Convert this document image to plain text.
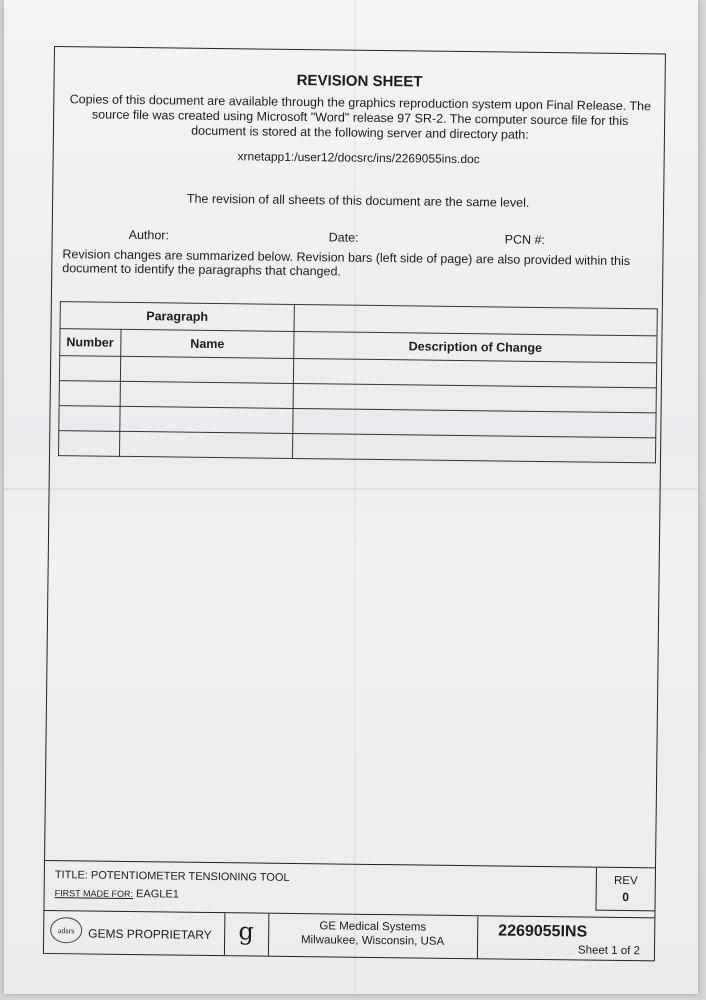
REVISION SHEET
Copies of this document are available through the graphics reproduction system upon Final Release. The source file was created using Microsoft "Word" release 97 SR-2. The computer source file for this document is stored at the following server and directory path:
xrnetapp1:/user12/docsrc/ins/2269055ins.doc
The revision of all sheets of this document are the same level.
Author:	Date:	PCN #:
Revision changes are summarized below. Revision bars (left side of page) are also provided within this document to identify the paragraphs that changed.
Paragraph		
Number	Name	Description of Change

TITLE: POTENTIOMETER TENSIONING TOOL
FIRST MADE FOR: EAGLE1
REV
0
adsrs GEMS PROPRIETARY	g	GE Medical Systems
Milwaukee, Wisconsin, USA
2269055INS
Sheet 1 of 2
